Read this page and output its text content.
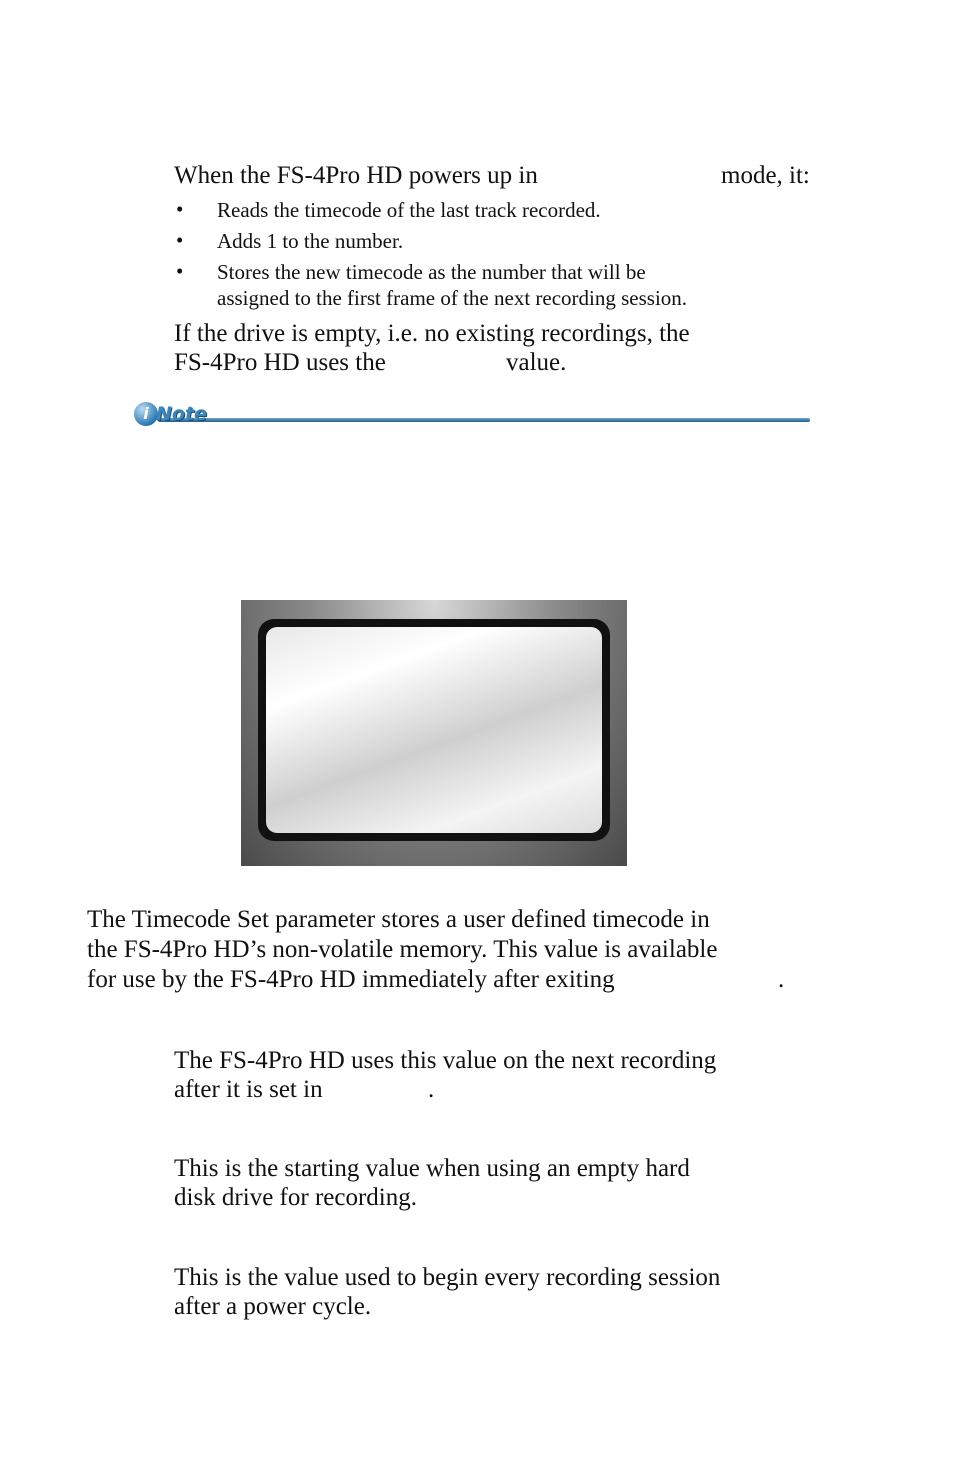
When the FS-4Pro HD powers up in	mode, it:
• Reads the timecode of the last track recorded.
• Adds 1 to the number.
• Stores the new timecode as the number that will be
assigned to the first frame of the next recording session.
If the drive is empty, i.e. no existing recordings, the
FS-4Pro HD uses the	value.
i Note
The Timecode Set parameter stores a user defined timecode in
the FS-4Pro HD’s non-volatile memory. This value is available
for use by the FS-4Pro HD immediately after exiting	.
The FS-4Pro HD uses this value on the next recording
after it is set in	.
This is the starting value when using an empty hard
disk drive for recording.
This is the value used to begin every recording session
after a power cycle.
